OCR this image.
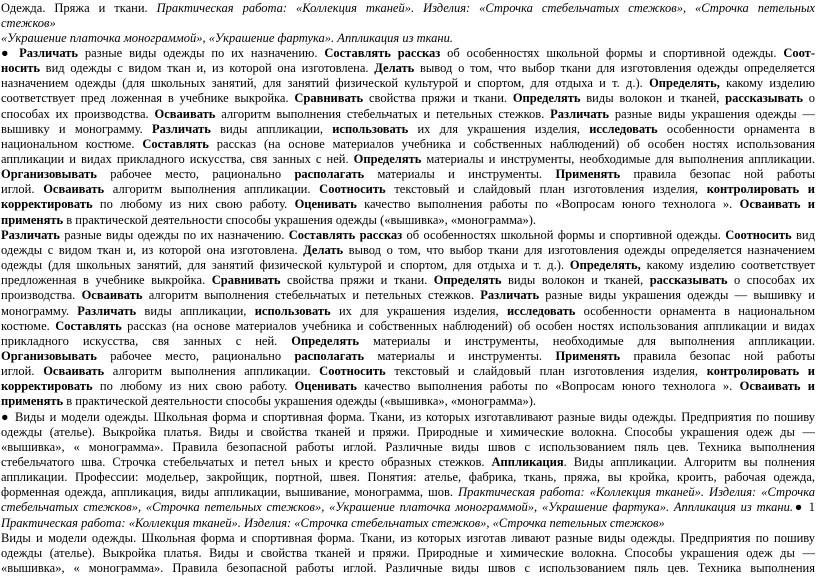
Одежда. Пряжа и ткани. Практическая работа: «Коллекция тканей». Изделия: «Строчка стебельчатых стежков», «Строчка петельных
стежков»
«Украшение платочка монограммой», «Украшение фартука». Аппликация из ткани.
● Различать разные виды одежды по их назначению. Составлять рассказ об особенностях школьной формы и спортивной одежды. Соот-
носить вид одежды с видом ткан и, из которой она изготовлена. Делать вывод о том, что выбор ткани для изготовления одежды определяется
назначением одежды (для школьных занятий, для занятий физической культурой и спортом, для отдыха и т. д.). Определять, какому изделию
соответствует пред ложенная в учебнике выкройка. Сравнивать свойства пряжи и ткани. Определять виды волокон и тканей, рассказывать о
способах их производства. Осваивать алгоритм выполнения стебельчатых и петельных стежков. Различать разные виды украшения одежды —
вышивку и монограмму. Различать виды аппликации, использовать их для украшения изделия, исследовать особенности орнамента в
национальном костюме. Составлять рассказ (на основе материалов учебника и собственных наблюдений) об особен ностях использования
аппликации и видах прикладного искусства, свя занных с ней. Определять материалы и инструменты, необходимые для выполнения аппликации.
Организовывать рабочее место, рационально располагать материалы и инструменты. Применять правила безопас ной работы
иглой. Осваивать алгоритм выполнения аппликации. Соотносить текстовый и слайдовый план изготовления изделия, контролировать и
корректировать по любому из них свою работу. Оценивать качество выполнения работы по «Вопросам юного технолога ». Осваивать и
применять в практической деятельности способы украшения одежды («вышивка», «монограмма»).
Различать разные виды одежды по их назначению. Составлять рассказ об особенностях школьной формы и спортивной одежды. Соотносить вид
одежды с видом ткан и, из которой она изготовлена. Делать вывод о том, что выбор ткани для изготовления одежды определяется назначением
одежды (для школьных занятий, для занятий физической культурой и спортом, для отдыха и т. д.). Определять, какому изделию соответствует
предложенная в учебнике выкройка. Сравнивать свойства пряжи и ткани. Определять виды волокон и тканей, рассказывать о способах их
производства. Осваивать алгоритм выполнения стебельчатых и петельных стежков. Различать разные виды украшения одежды — вышивку и
монограмму. Различать виды аппликации, использовать их для украшения изделия, исследовать особенности орнамента в национальном
костюме. Составлять рассказ (на основе материалов учебника и собственных наблюдений) об особен ностях использования аппликации и видах
прикладного искусства, свя занных с ней. Определять материалы и инструменты, необходимые для выполнения аппликации.
Организовывать рабочее место, рационально располагать материалы и инструменты. Применять правила безопас ной работы
иглой. Осваивать алгоритм выполнения аппликации. Соотносить текстовый и слайдовый план изготовления изделия, контролировать и
корректировать по любому из них свою работу. Оценивать качество выполнения работы по «Вопросам юного технолога ». Осваивать и
применять в практической деятельности способы украшения одежды («вышивка», «монограмма»).
● Виды и модели одежды. Школьная форма и спортивная форма. Ткани, из которых изготавливают разные виды одежды. Предприятия по пошиву
одежды (ателье). Выкройка платья. Виды и свойства тканей и пряжи. Природные и химические волокна. Способы украшения одеж ды —
«вышивка», « монограмма». Правила безопасной работы иглой. Различные виды швов с использованием пяль цев. Техника выполнения
стебельчатого шва. Строчка стебельчатых и петел ьных и кресто образных стежков. Аппликация. Виды аппликации. Алгоритм вы полнения
аппликации. Профессии: модельер, закройщик, портной, швея. Понятия: ателье, фабрика, ткань, пряжа, вы кройка, кроить, рабочая одежда,
форменная одежда, аппликация, виды аппликации, вышивание, монограмма, шов. Практическая работа: «Коллекция тканей». Изделия: «Строчка
стебельчатых стежков», «Строчка петельных стежков», «Украшение платочка монограммой», «Украшение фартука». Аппликация из ткани.● 1
Практическая работа: «Коллекция тканей». Изделия: «Строчка стебельчатых стежков», «Строчка петельных стежков»
Виды и модели одежды. Школьная форма и спортивная форма. Ткани, из которых изготав ливают разные виды одежды. Предприятия по пошиву
одежды (ателье). Выкройка платья. Виды и свойства тканей и пряжи. Природные и химические волокна. Способы украшения одеж ды —
«вышивка», « монограмма». Правила безопасной работы иглой. Различные виды швов с использованием пяль цев. Техника выполнения
